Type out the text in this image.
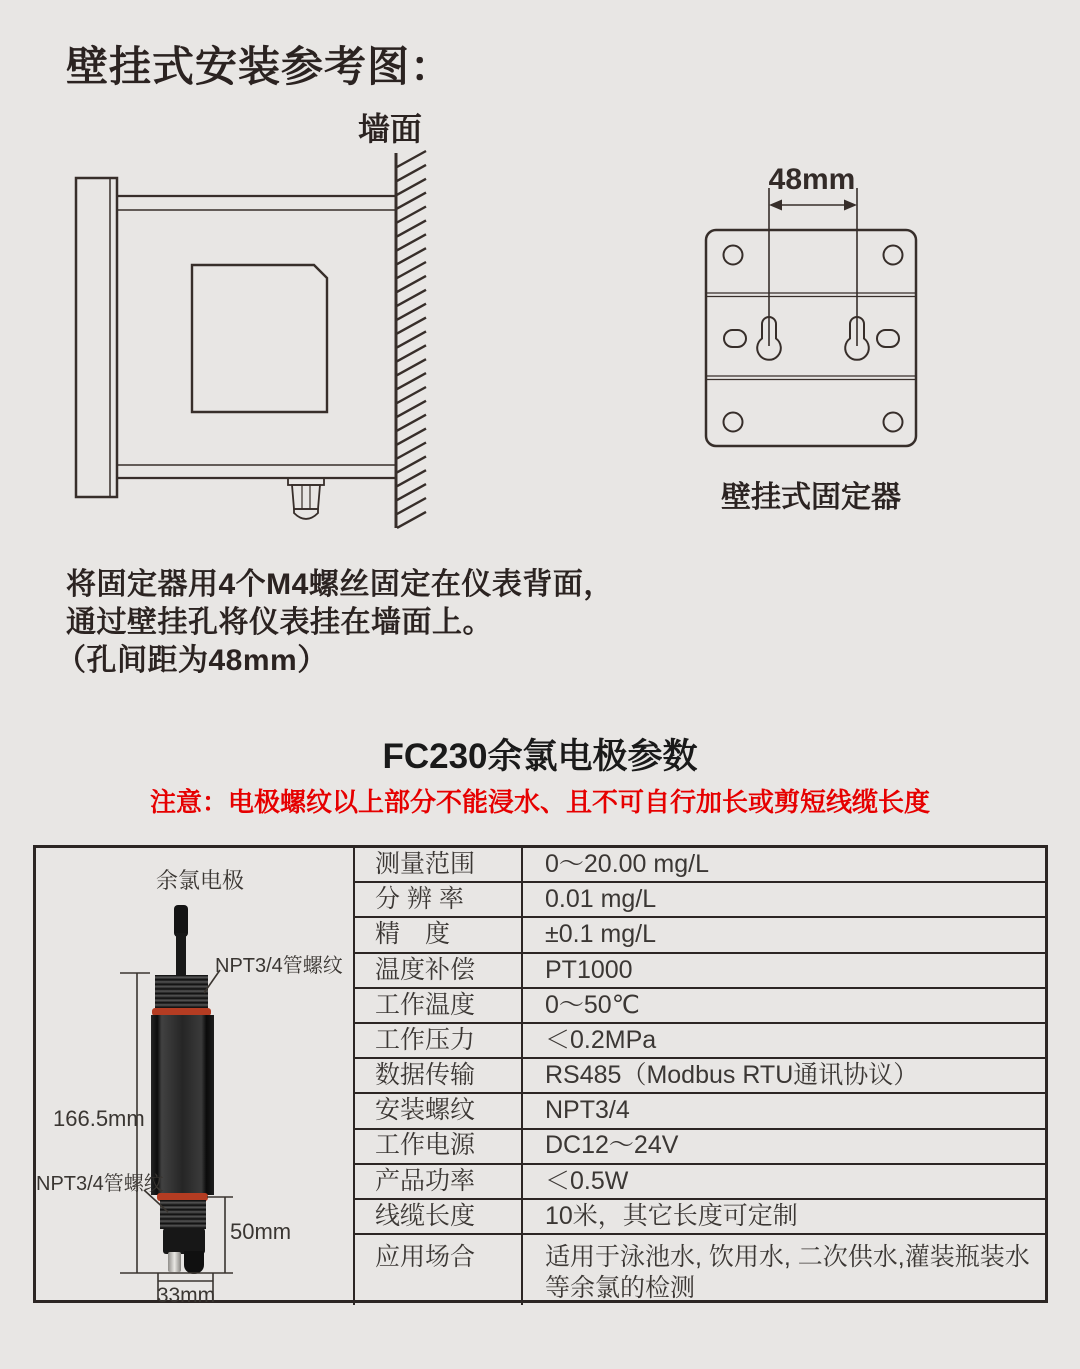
壁挂式安装参考图：
墙面
48mm
壁挂式固定器
将固定器用4个M4螺丝固定在仪表背面，
通过壁挂孔将仪表挂在墙面上。
（孔间距为48mm）
FC230余氯电极参数
注意：电极螺纹以上部分不能浸水、且不可自行加长或剪短线缆长度
余氯电极
NPT3/4管螺纹
NPT3/4管螺纹
166.5mm
50mm
33mm
测量范围	0～20.00 mg/L
分 辨 率	0.01 mg/L
精　度	±0.1 mg/L
温度补偿	PT1000
工作温度	0～50℃
工作压力	＜0.2MPa
数据传输	RS485（Modbus RTU通讯协议）
安装螺纹	NPT3/4
工作电源	DC12～24V
产品功率	＜0.5W
线缆长度	10米，其它长度可定制
应用场合	适用于泳池水, 饮用水, 二次供水,灌装瓶装水等余氯的检测
